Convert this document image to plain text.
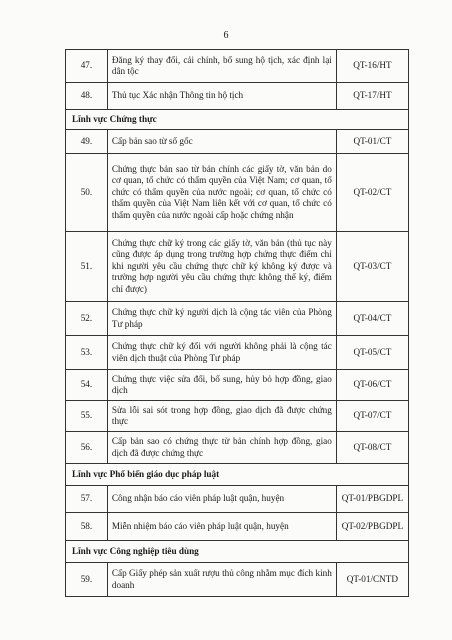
6
47.	Đăng ký thay đổi, cải chính, bổ sung hộ tịch, xác định lại dân tộc	QT-16/HT
48.	Thủ tục Xác nhận Thông tin hộ tịch	QT-17/HT
Lĩnh vực Chứng thực		
49.	Cấp bản sao từ sổ gốc	QT-01/CT
50.	Chứng thực bản sao từ bản chính các giấy tờ, văn bản do cơ quan, tổ chức có thẩm quyền của Việt Nam; cơ quan, tổ chức có thẩm quyền của nước ngoài; cơ quan, tổ chức có thẩm quyền của Việt Nam liên kết với cơ quan, tổ chức có thẩm quyền của nước ngoài cấp hoặc chứng nhận	QT-02/CT
51.	Chứng thực chữ ký trong các giấy tờ, văn bản (thủ tục này cũng được áp dụng trong trường hợp chứng thực điểm chỉ khi người yêu cầu chứng thực chữ ký không ký được và trường hợp người yêu cầu chứng thực không thể ký, điểm chỉ được)	QT-03/CT
52.	Chứng thực chữ ký người dịch là cộng tác viên của Phòng Tư pháp	QT-04/CT
53.	Chứng thực chữ ký đối với người không phải là cộng tác viên dịch thuật của Phòng Tư pháp	QT-05/CT
54.	Chứng thực việc sửa đổi, bổ sung, hủy bỏ hợp đồng, giao dịch	QT-06/CT
55.	Sửa lỗi sai sót trong hợp đồng, giao dịch đã được chứng thực	QT-07/CT
56.	Cấp bản sao có chứng thực từ bản chính hợp đồng, giao dịch đã được chứng thực	QT-08/CT
Lĩnh vực Phổ biến giáo dục pháp luật		
57.	Công nhận báo cáo viên pháp luật quận, huyện	QT-01/PBGDPL
58.	Miễn nhiệm báo cáo viên pháp luật quận, huyện	QT-02/PBGDPL
Lĩnh vực Công nghiệp tiêu dùng		
59.	Cấp Giấy phép sản xuất rượu thủ công nhằm mục đích kinh doanh	QT-01/CNTD
